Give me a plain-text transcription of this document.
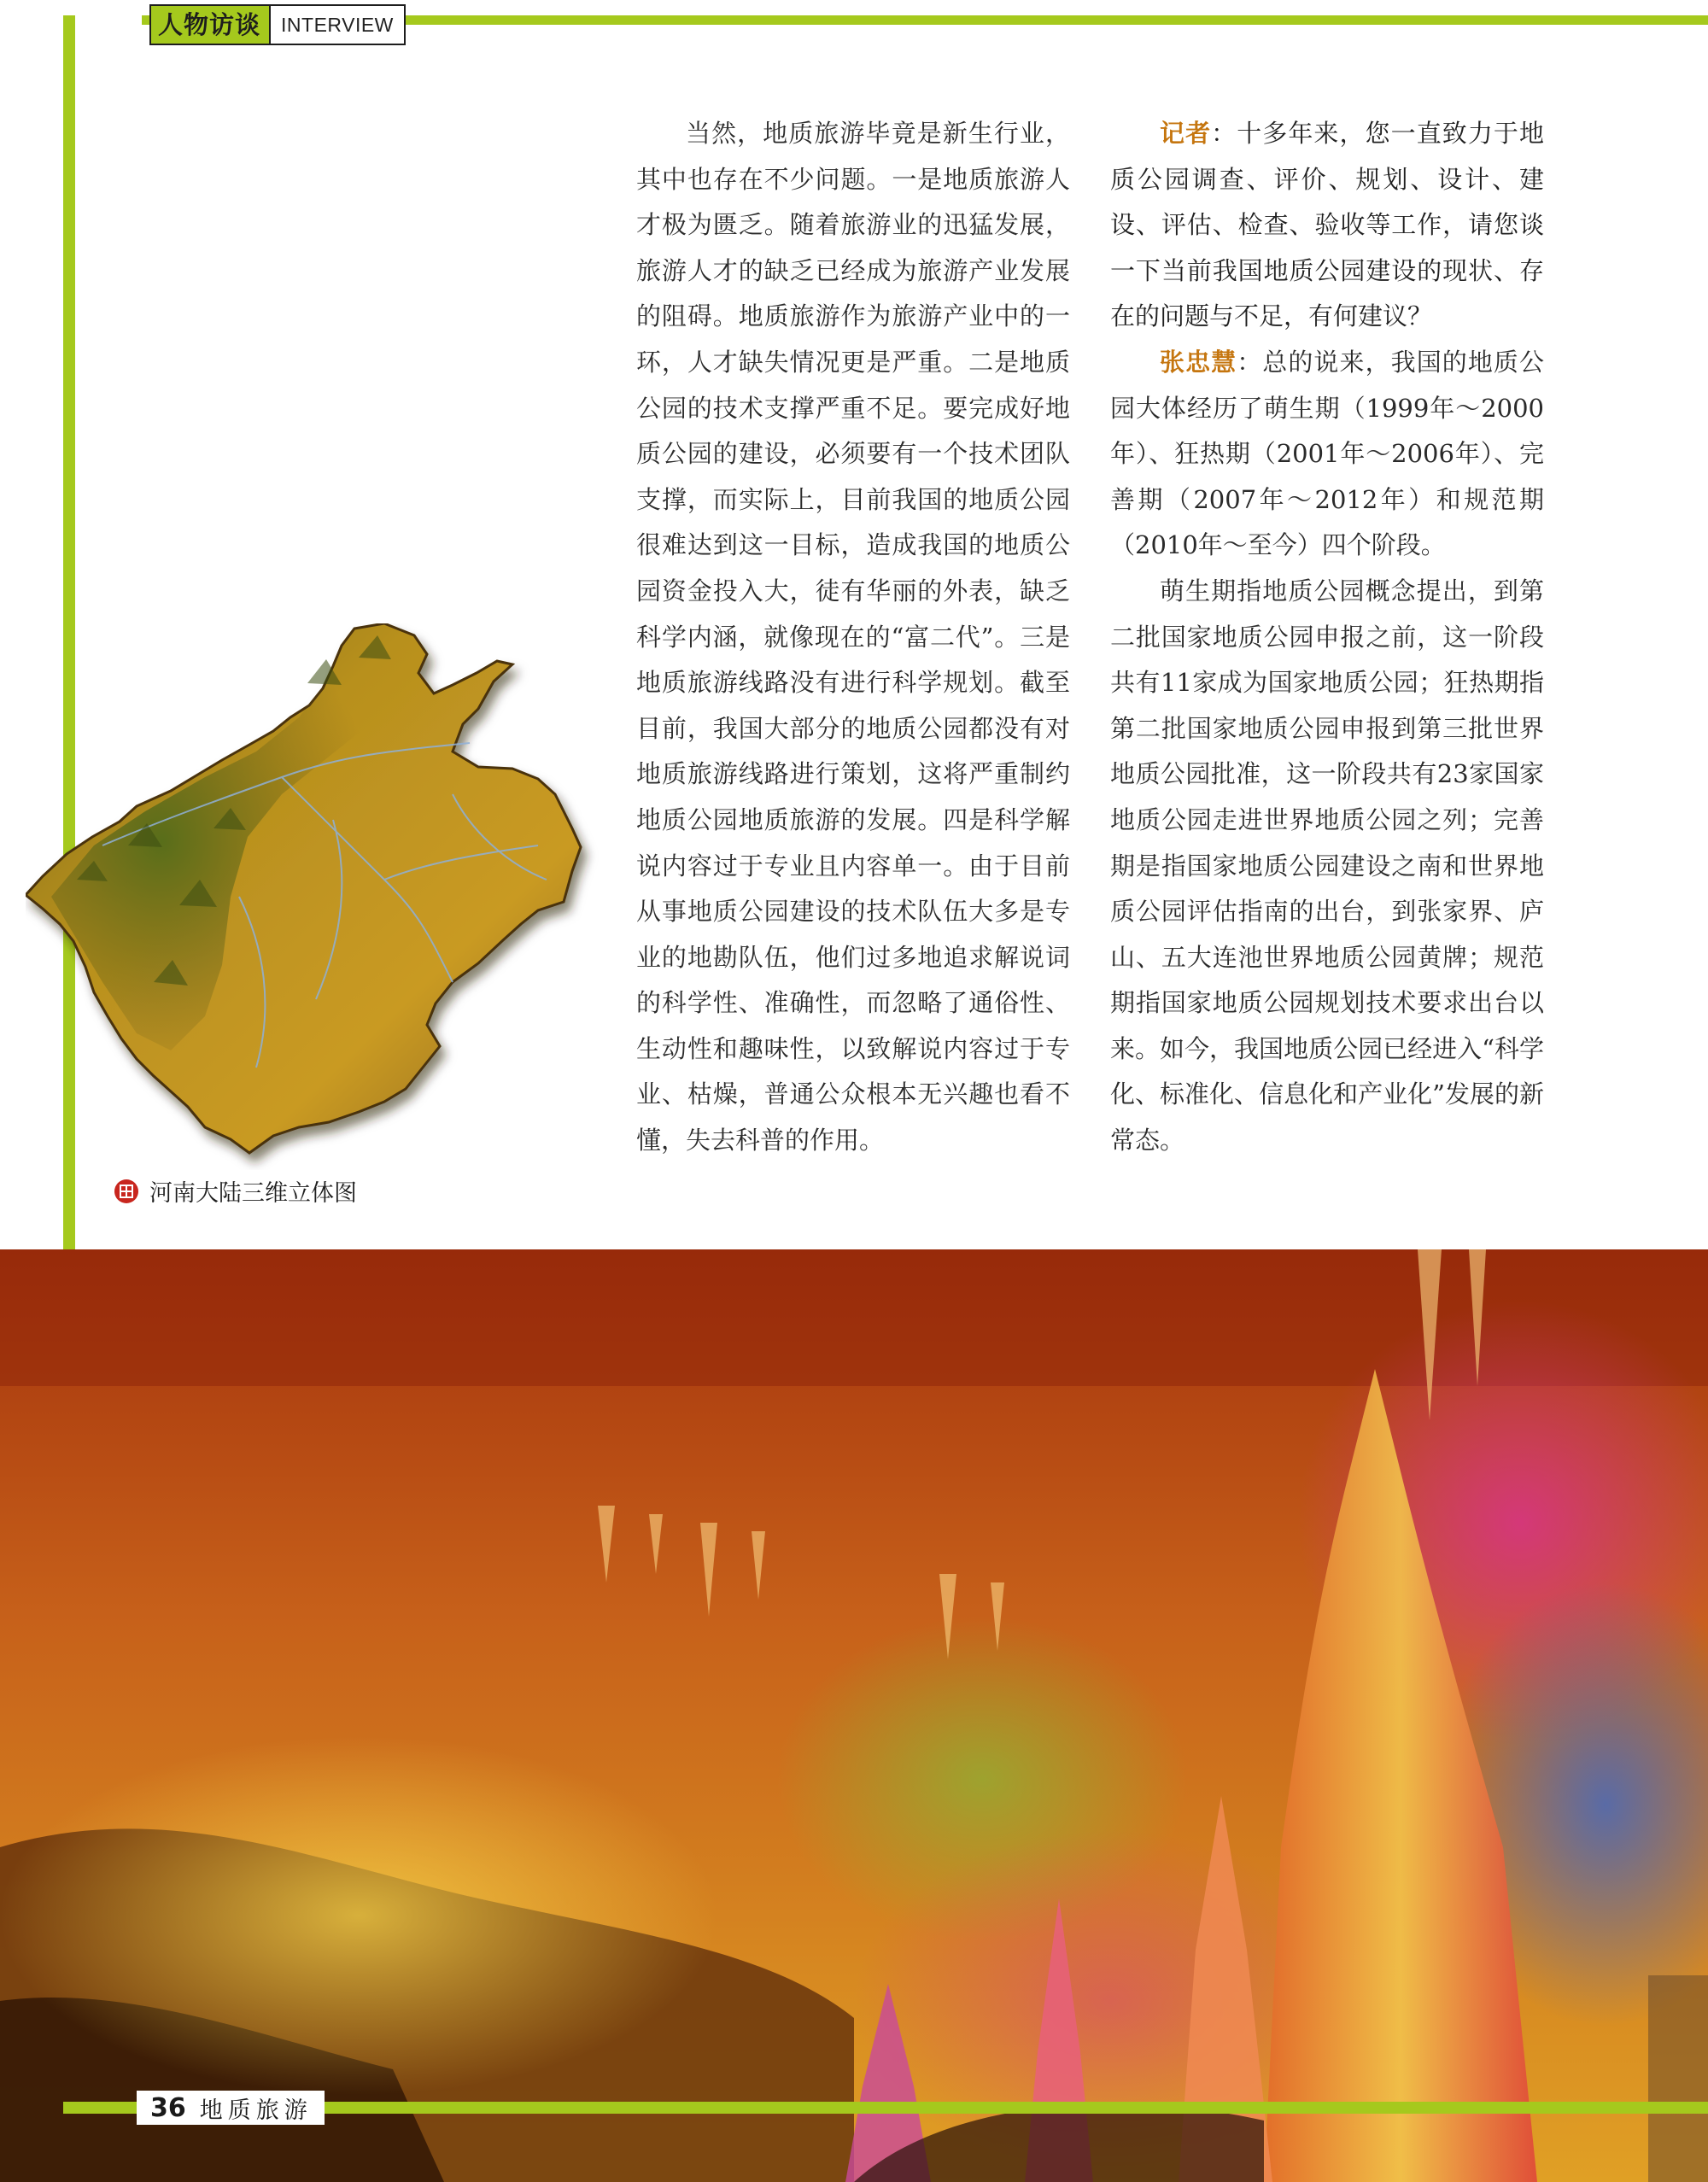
人物访谈	INTERVIEW

当然，地质旅游毕竟是新生行业，其中也存在不少问题。一是地质旅游人才极为匮乏。随着旅游业的迅猛发展，旅游人才的缺乏已经成为旅游产业发展的阻碍。地质旅游作为旅游产业中的一环，人才缺失情况更是严重。二是地质公园的技术支撑严重不足。要完成好地质公园的建设，必须要有一个技术团队支撑，而实际上，目前我国的地质公园很难达到这一目标，造成我国的地质公园资金投入大，徒有华丽的外表，缺乏科学内涵，就像现在的“富二代”。三是地质旅游线路没有进行科学规划。截至目前，我国大部分的地质公园都没有对地质旅游线路进行策划，这将严重制约地质公园地质旅游的发展。四是科学解说内容过于专业且内容单一。由于目前从事地质公园建设的技术队伍大多是专业的地勘队伍，他们过多地追求解说词的科学性、准确性，而忽略了通俗性、生动性和趣味性，以致解说内容过于专业、枯燥，普通公众根本无兴趣也看不懂，失去科普的作用。

记者：十多年来，您一直致力于地质公园调查、评价、规划、设计、建设、评估、检查、验收等工作，请您谈一下当前我国地质公园建设的现状、存在的问题与不足，有何建议？

张忠慧：总的说来，我国的地质公园大体经历了萌生期（1999年～2000年）、狂热期（2001年～2006年）、完善期（2007年～2012年）和规范期（2010年～至今）四个阶段。

萌生期指地质公园概念提出，到第二批国家地质公园申报之前，这一阶段共有11家成为国家地质公园；狂热期指第二批国家地质公园申报到第三批世界地质公园批准，这一阶段共有23家国家地质公园走进世界地质公园之列；完善期是指国家地质公园建设之南和世界地质公园评估指南的出台，到张家界、庐山、五大连池世界地质公园黄牌；规范期指国家地质公园规划技术要求出台以来。如今，我国地质公园已经进入“科学化、标准化、信息化和产业化”发展的新常态。

河南大陆三维立体图
36 地质旅游
